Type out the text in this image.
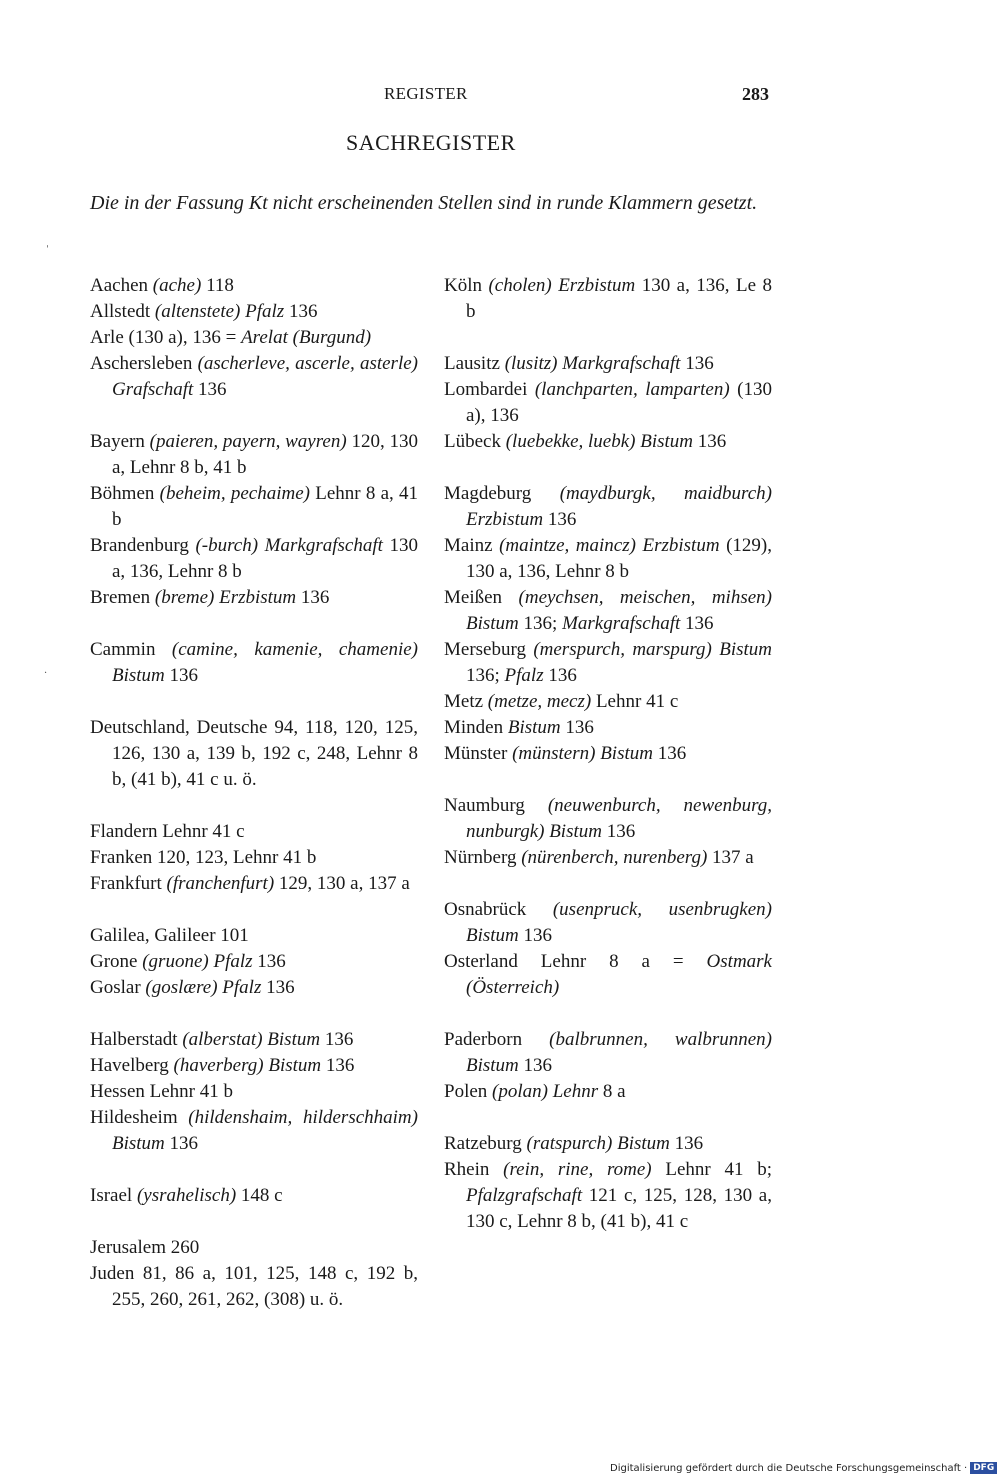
REGISTER	283
SACHREGISTER

Die in der Fassung Kt nicht erscheinenden Stellen sind in runde Klammern gesetzt.

Aachen (ache) 118

Allstedt (altenstete) Pfalz 136

Arle (130 a), 136 = Arelat (Burgund)

Aschersleben (ascherleve, ascerle, asterle) Grafschaft 136

Bayern (paieren, payern, wayren) 120, 130 a, Lehnr 8 b, 41 b

Böhmen (beheim, pechaime) Lehnr 8 a, 41 b

Brandenburg (-burch) Markgrafschaft 130 a, 136, Lehnr 8 b

Bremen (breme) Erzbistum 136

Cammin (camine, kamenie, chamenie) Bistum 136

Deutschland, Deutsche 94, 118, 120, 125, 126, 130 a, 139 b, 192 c, 248, Lehnr 8 b, (41 b), 41 c u. ö.

Flandern Lehnr 41 c

Franken 120, 123, Lehnr 41 b

Frankfurt (franchenfurt) 129, 130 a, 137 a

Galilea, Galileer 101

Grone (gruone) Pfalz 136

Goslar (goslære) Pfalz 136

Halberstadt (alberstat) Bistum 136

Havelberg (haverberg) Bistum 136

Hessen Lehnr 41 b

Hildesheim (hildenshaim, hilderschhaim) Bistum 136

Israel (ysrahelisch) 148 c

Jerusalem 260

Juden 81, 86 a, 101, 125, 148 c, 192 b, 255, 260, 261, 262, (308) u. ö.

Köln (cholen) Erzbistum 130 a, 136, Le 8 b

Lausitz (lusitz) Markgrafschaft 136

Lombardei (lanchparten, lamparten) (130 a), 136

Lübeck (luebekke, luebk) Bistum 136

Magdeburg (maydburgk, maidburch) Erzbistum 136

Mainz (maintze, maincz) Erzbistum (129), 130 a, 136, Lehnr 8 b

Meißen (meychsen, meischen, mihsen) Bistum 136; Markgrafschaft 136

Merseburg (merspurch, marspurg) Bistum 136; Pfalz 136

Metz (metze, mecz) Lehnr 41 c

Minden Bistum 136

Münster (münstern) Bistum 136

Naumburg (neuwenburch, newenburg, nunburgk) Bistum 136

Nürnberg (nürenberch, nurenberg) 137 a

Osnabrück (usenpruck, usenbrugken) Bistum 136

Osterland Lehnr 8 a = Ostmark (Österreich)

Paderborn (balbrunnen, walbrunnen) Bistum 136

Polen (polan) Lehnr 8 a

Ratzeburg (ratspurch) Bistum 136

Rhein (rein, rine, rome) Lehnr 41 b; Pfalzgrafschaft 121 c, 125, 128, 130 a, 130 c, Lehnr 8 b, (41 b), 41 c

ˌ
·
Digitalisierung gefördert durch die Deutsche Forschungsgemeinschaft · DFG
